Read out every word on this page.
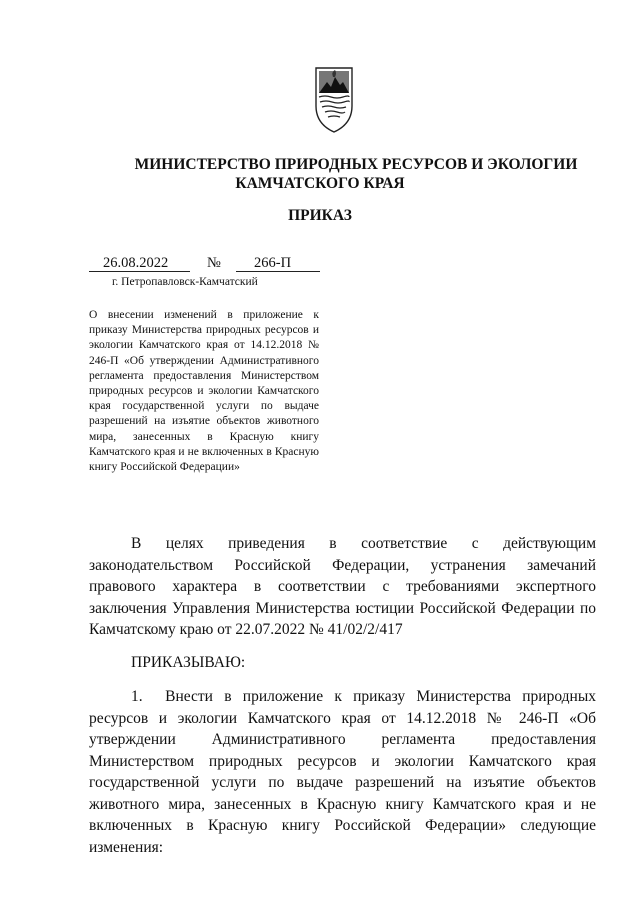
МИНИСТЕРСТВО ПРИРОДНЫХ РЕСУРСОВ И ЭКОЛОГИИ
КАМЧАТСКОГО КРАЯ
ПРИКАЗ
26.08.2022	№ 266-П
г. Петропавловск-Камчатский
О внесении изменений в приложение к приказу Министерства природных ресурсов и экологии Камчатского края от 14.12.2018 № 246-П «Об утверждении Административного регламента предоставления Министерством природных ресурсов и экологии Камчатского края государственной услуги по выдаче разрешений на изъятие объектов животного мира, занесенных в Красную книгу Камчатского края и не включенных в Красную книгу Российской Федерации»

В целях приведения в соответствие с действующим законодательством Российской Федерации, устранения замечаний правового характера в соответствии с требованиями экспертного заключения Управления Министерства юстиции Российской Федерации по Камчатскому краю от 22.07.2022 № 41/02/2/417

ПРИКАЗЫВАЮ:

1.  Внести в приложение к приказу Министерства природных ресурсов и экологии Камчатского края от 14.12.2018 № 246-П «Об утверждении Административного регламента предоставления Министерством природных ресурсов и экологии Камчатского края государственной услуги по выдаче разрешений на изъятие объектов животного мира, занесенных в Красную книгу Камчатского края и не включенных в Красную книгу Российской Федерации» следующие изменения:
